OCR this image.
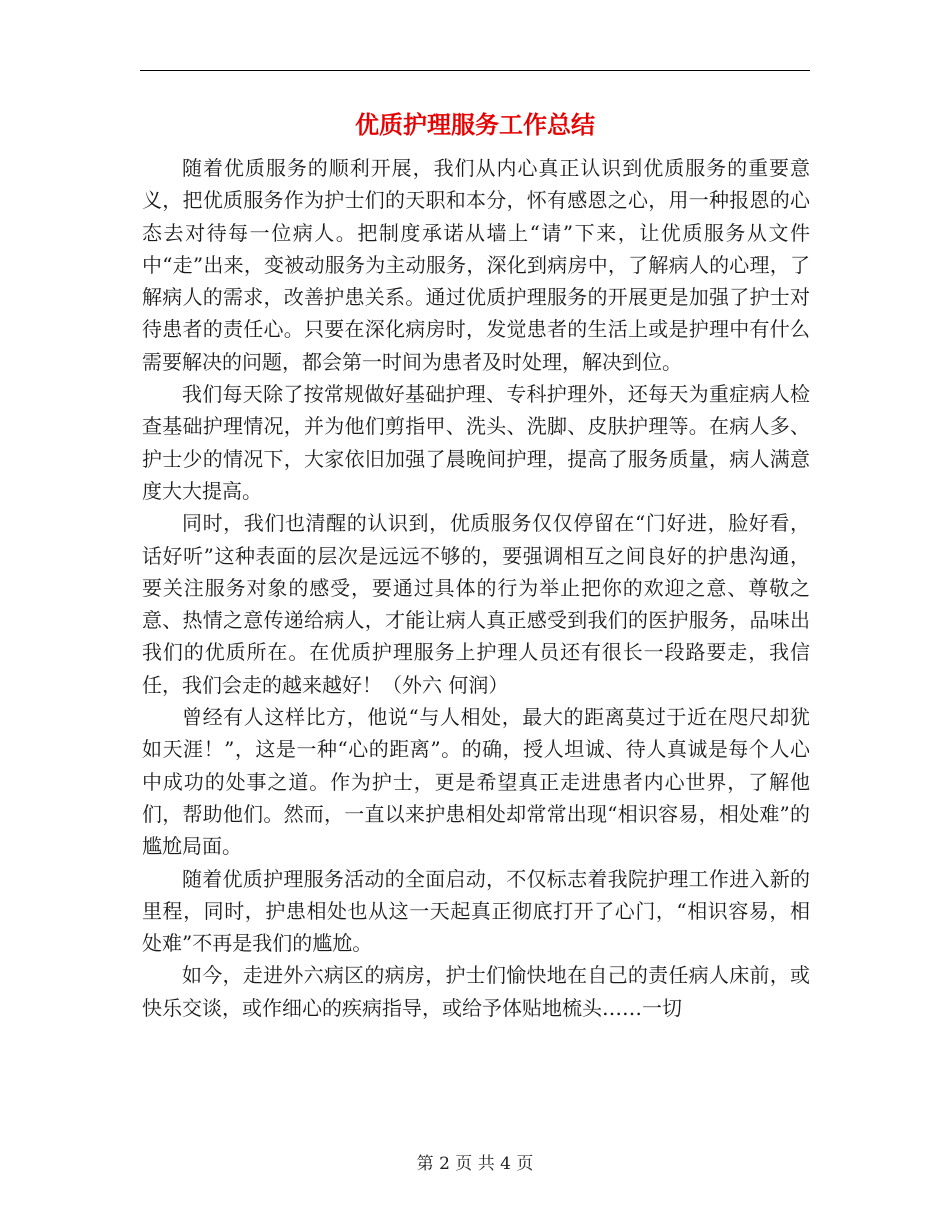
优质护理服务工作总结

随着优质服务的顺利开展，我们从内心真正认识到优质服务的重要意义，把优质服务作为护士们的天职和本分，怀有感恩之心，用一种报恩的心态去对待每一位病人。把制度承诺从墙上“请”下来，让优质服务从文件中“走”出来，变被动服务为主动服务，深化到病房中，了解病人的心理，了解病人的需求，改善护患关系。通过优质护理服务的开展更是加强了护士对待患者的责任心。只要在深化病房时，发觉患者的生活上或是护理中有什么需要解决的问题，都会第一时间为患者及时处理，解决到位。

我们每天除了按常规做好基础护理、专科护理外，还每天为重症病人检查基础护理情况，并为他们剪指甲、洗头、洗脚、皮肤护理等。在病人多、护士少的情况下，大家依旧加强了晨晚间护理，提高了服务质量，病人满意度大大提高。

同时，我们也清醒的认识到，优质服务仅仅停留在“门好进，脸好看，话好听”这种表面的层次是远远不够的，要强调相互之间良好的护患沟通，要关注服务对象的感受，要通过具体的行为举止把你的欢迎之意、尊敬之意、热情之意传递给病人，才能让病人真正感受到我们的医护服务，品味出我们的优质所在。在优质护理服务上护理人员还有很长一段路要走，我信任，我们会走的越来越好！（外六 何润）

曾经有人这样比方，他说“与人相处，最大的距离莫过于近在咫尺却犹如天涯！”，这是一种“心的距离”。的确，授人坦诚、待人真诚是每个人心中成功的处事之道。作为护士，更是希望真正走进患者内心世界，了解他们，帮助他们。然而，一直以来护患相处却常常出现“相识容易，相处难”的尴尬局面。

随着优质护理服务活动的全面启动，不仅标志着我院护理工作进入新的里程，同时，护患相处也从这一天起真正彻底打开了心门，“相识容易，相处难”不再是我们的尴尬。

如今，走进外六病区的病房，护士们愉快地在自己的责任病人床前，或快乐交谈，或作细心的疾病指导，或给予体贴地梳头……一切

第 2 页 共 4 页
